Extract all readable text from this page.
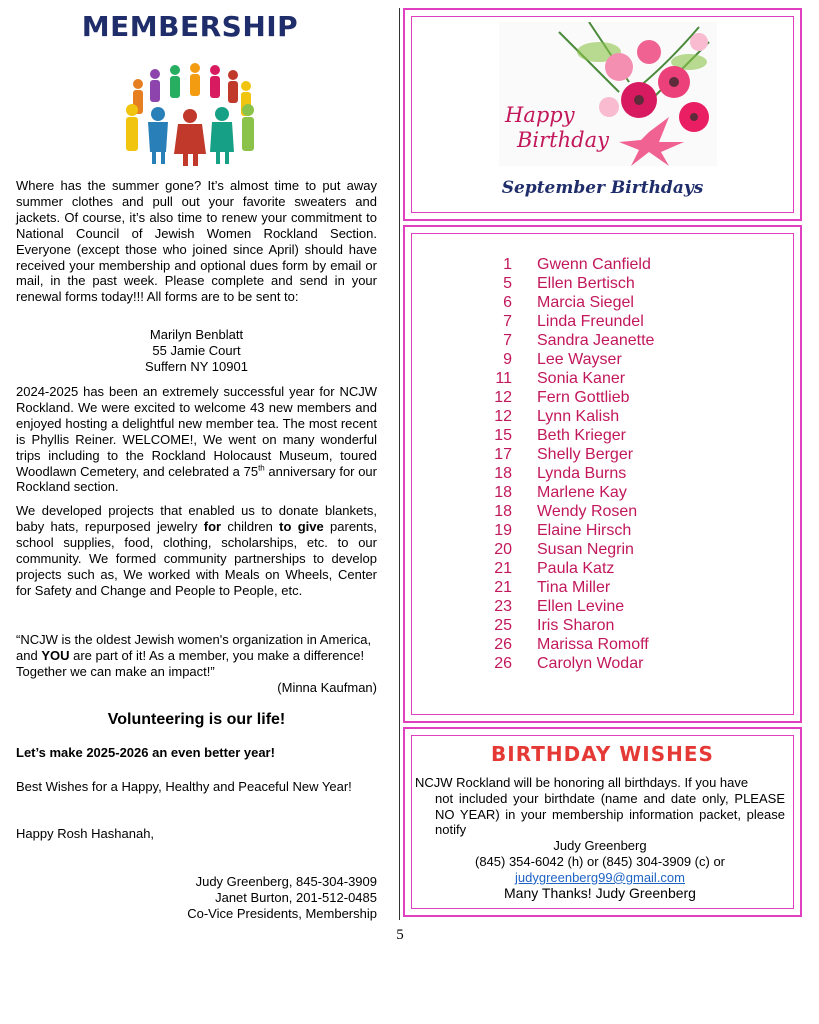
MEMBERSHIP

Where has the summer gone? It’s almost time to put away summer clothes and pull out your favorite sweaters and jackets. Of course, it’s also time to renew your commitment to National Council of Jewish Women Rockland Section. Everyone (except those who joined since April) should have received your membership and optional dues form by email or mail, in the past week. Please complete and send in your renewal forms today!!! All forms are to be sent to:

Marilyn Benblatt
55 Jamie Court
Suffern NY 10901

2024-2025 has been an extremely successful year for NCJW Rockland. We were excited to welcome 43 new members and enjoyed hosting a delightful new member tea. The most recent is Phyllis Reiner. WELCOME!, We went on many wonderful trips including to the Rockland Holocaust Museum, toured Woodlawn Cemetery, and celebrated a 75th anniversary for our Rockland section.

We developed projects that enabled us to donate blankets, baby hats, repurposed jewelry for children to give parents, school supplies, food, clothing, scholarships, etc. to our community. We formed community partnerships to develop projects such as, We worked with Meals on Wheels, Center for Safety and Change and People to People, etc.

“NCJW is the oldest Jewish women's organization in America, and YOU are part of it! As a member, you make a difference! Together we can make an impact!”
(Minna Kaufman)
Volunteering is our life!
Let’s make 2025-2026 an even better year!
Best Wishes for a Happy, Healthy and Peaceful New Year!
Happy Rosh Hashanah,
Judy Greenberg, 845-304-3909
Janet Burton, 201-512-0485
Co-Vice Presidents, Membership
Happy
Birthday
September Birthdays
1 Gwenn Canfield
5 Ellen Bertisch
6 Marcia Siegel
7 Linda Freundel
7 Sandra Jeanette
9 Lee Wayser
11 Sonia Kaner
12 Fern Gottlieb
12 Lynn Kalish
15 Beth Krieger
17 Shelly Berger
18 Lynda Burns
18 Marlene Kay
18 Wendy Rosen
19 Elaine Hirsch
20 Susan Negrin
21 Paula Katz
21 Tina Miller
23 Ellen Levine
25 Iris Sharon
26 Marissa Romoff
26 Carolyn Wodar
BIRTHDAY WISHES
NCJW Rockland will be honoring all birthdays. If you have
not included your birthdate (name and date only, PLEASE NO YEAR) in your membership information packet, please notify
Judy Greenberg
(845) 354-6042 (h) or (845) 304-3909 (c) or
judygreenberg99@gmail.com
Many Thanks! Judy Greenberg
5
